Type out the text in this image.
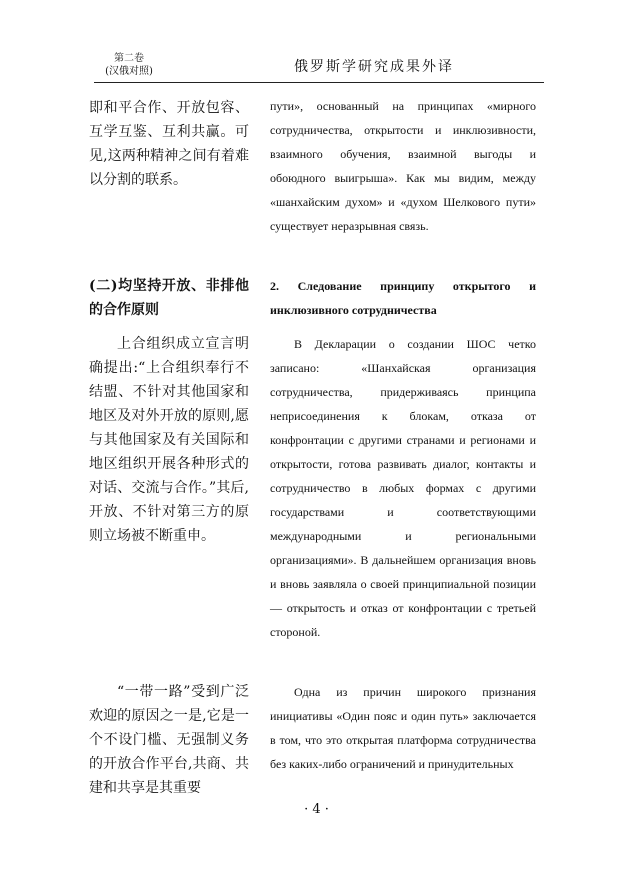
第二卷
(汉俄对照)	俄罗斯学研究成果外译
即和平合作、开放包容、互学互鉴、互利共赢。可见,这两种精神之间有着难以分割的联系。
(二)均坚持开放、非排他的合作原则
上合组织成立宣言明确提出:“上合组织奉行不结盟、不针对其他国家和地区及对外开放的原则,愿与其他国家及有关国际和地区组织开展各种形式的对话、交流与合作。”其后,开放、不针对第三方的原则立场被不断重申。
“一带一路”受到广泛欢迎的原因之一是,它是一个不设门槛、无强制义务的开放合作平台,共商、共建和共享是其重要
пути», основанный на принципах «мирного сотрудничества, открытости и инклюзивности, взаимного обучения, взаимной выгоды и обоюдного выигрыша». Как мы видим, между «шанхайским духом» и «духом Шелкового пути» существует неразрывная связь.
2. Следование принципу открытого и инклюзивного сотрудничества
В Декларации о создании ШОС четко записано: «Шанхайская организация сотрудничества, придерживаясь принципа неприсоединения к блокам, отказа от конфронтации с другими странами и регионами и открытости, готова развивать диалог, контакты и сотрудничество в любых формах с другими государствами и соответствующими международными и региональными организациями». В дальнейшем организация вновь и вновь заявляла о своей принципиальной позиции — открытость и отказ от конфронтации с третьей стороной.
Одна из причин широкого признания инициативы «Один пояс и один путь» заключается в том, что это открытая платформа сотрудничества без каких-либо ограничений и принудительных
· 4 ·
